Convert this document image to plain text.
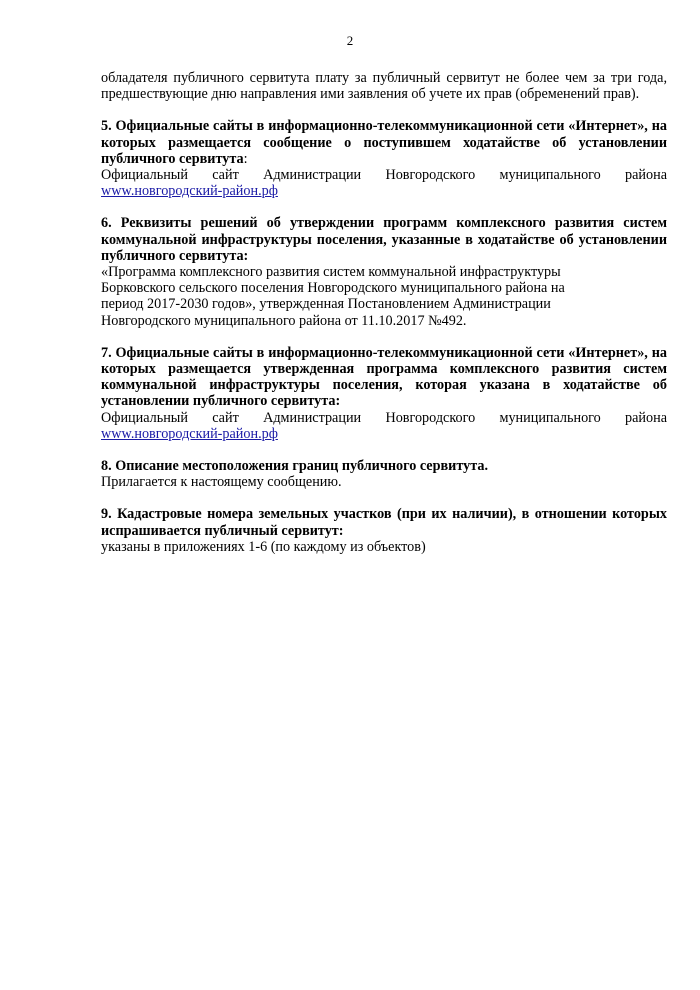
2
обладателя публичного сервитута плату за публичный сервитут не более чем за три года,
предшествующие дню направления ими заявления об учете их прав (обременений прав).
5. Официальные сайты в информационно-телекоммуникационной сети «Интернет», на которых размещается сообщение о поступившем ходатайстве об установлении публичного сервитута:
Официальный сайт Администрации Новгородского муниципального района
www.новгородский-район.рф
6. Реквизиты решений об утверждении программ комплексного развития систем коммунальной инфраструктуры поселения, указанные в ходатайстве об установлении публичного сервитута:
«Программа комплексного развития систем коммунальной инфраструктуры
Борковского сельского поселения Новгородского муниципального района на
период 2017-2030 годов», утвержденная Постановлением Администрации
Новгородского муниципального района от 11.10.2017 №492.
7. Официальные сайты в информационно-телекоммуникационной сети «Интернет», на которых размещается утвержденная программа комплексного развития систем коммунальной инфраструктуры поселения, которая указана в ходатайстве об установлении публичного сервитута:
Официальный сайт Администрации Новгородского муниципального района
www.новгородский-район.рф
8. Описание местоположения границ публичного сервитута.
Прилагается к настоящему сообщению.
9. Кадастровые номера земельных участков (при их наличии), в отношении которых испрашивается публичный сервитут:
указаны в приложениях 1-6 (по каждому из объектов)
